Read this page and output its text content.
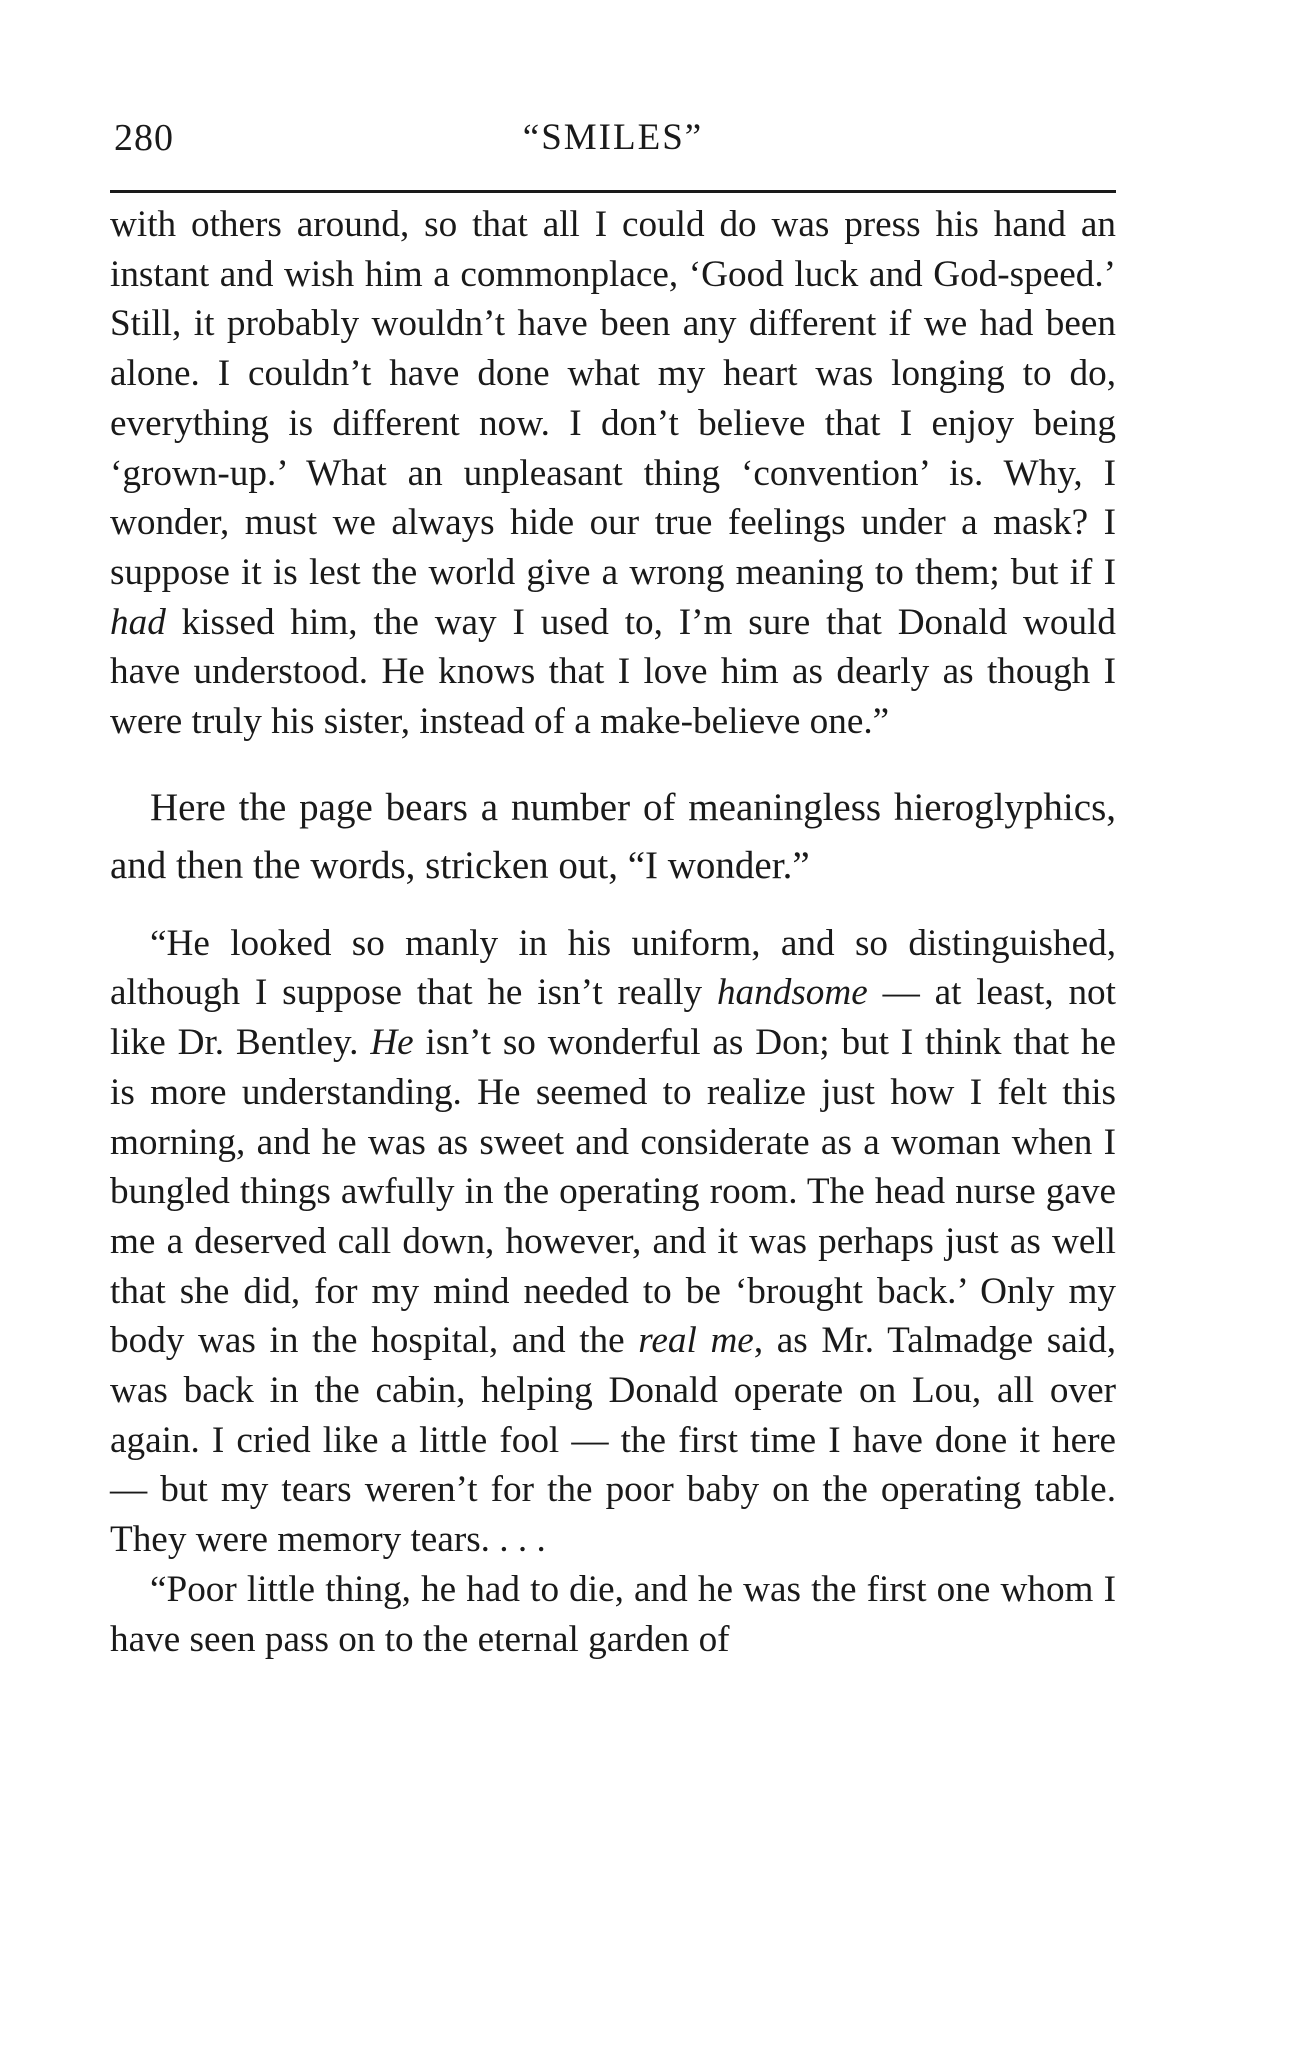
280	“SMILES”

with others around, so that all I could do was press his hand an instant and wish him a commonplace, ‘Good luck and God-speed.’ Still, it probably wouldn’t have been any different if we had been alone. I couldn’t have done what my heart was longing to do, everything is different now. I don’t believe that I enjoy being ‘grown-up.’ What an unpleasant thing ‘convention’ is. Why, I wonder, must we always hide our true feelings under a mask? I suppose it is lest the world give a wrong meaning to them; but if I had kissed him, the way I used to, I’m sure that Donald would have understood. He knows that I love him as dearly as though I were truly his sister, instead of a make-believe one.”

Here the page bears a number of meaningless hieroglyphics, and then the words, stricken out, “I wonder.”

“He looked so manly in his uniform, and so distinguished, although I suppose that he isn’t really handsome — at least, not like Dr. Bentley. He isn’t so wonderful as Don; but I think that he is more understanding. He seemed to realize just how I felt this morning, and he was as sweet and considerate as a woman when I bungled things awfully in the operating room. The head nurse gave me a deserved call down, however, and it was perhaps just as well that she did, for my mind needed to be ‘brought back.’ Only my body was in the hospital, and the real me, as Mr. Talmadge said, was back in the cabin, helping Donald operate on Lou, all over again. I cried like a little fool — the first time I have done it here — but my tears weren’t for the poor baby on the operating table. They were memory tears. . . .

“Poor little thing, he had to die, and he was the first one whom I have seen pass on to the eternal garden of
